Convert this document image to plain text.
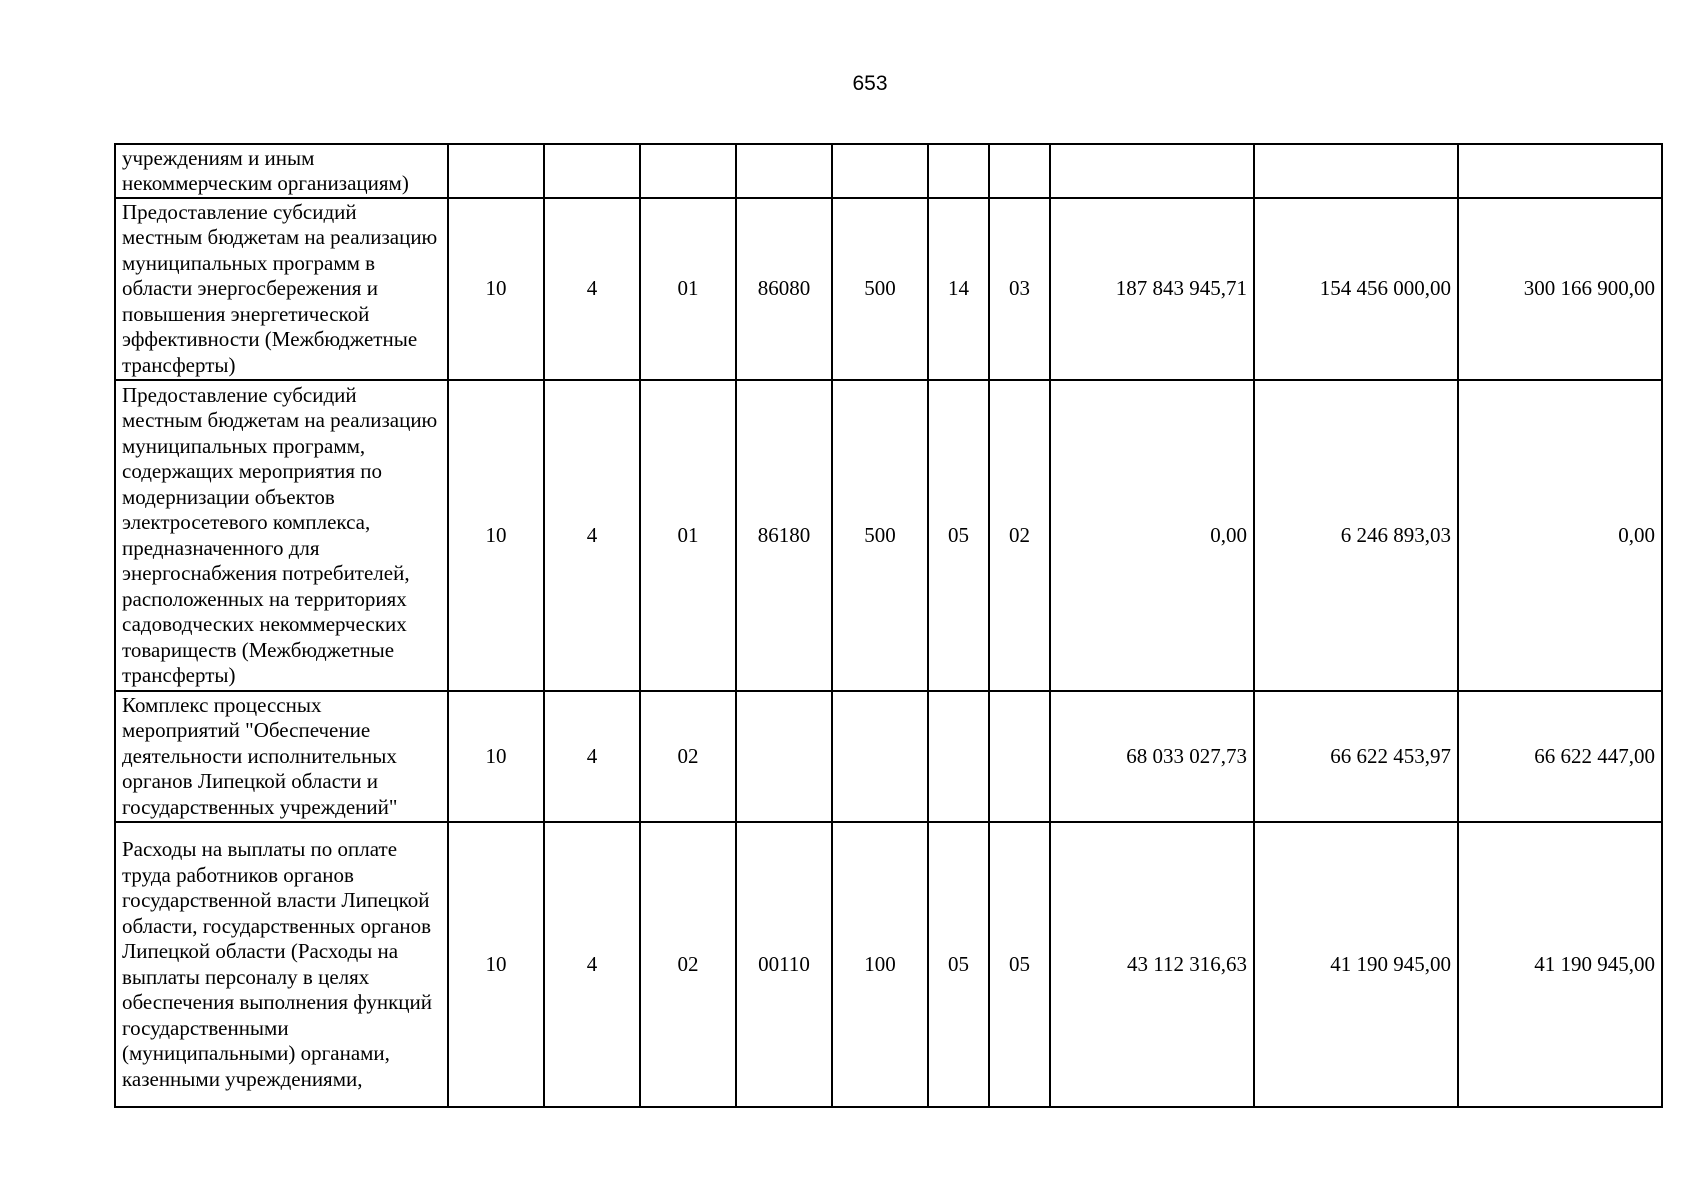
653
учреждениям и иным некоммерческим организациям)										
Предоставление субсидий местным бюджетам на реализацию муниципальных программ в области энергосбережения и повышения энергетической эффективности (Межбюджетные трансферты)	10	4	01	86080	500	14	03	187 843 945,71	154 456 000,00	300 166 900,00
Предоставление субсидий местным бюджетам на реализацию муниципальных программ, содержащих мероприятия по модернизации объектов электросетевого комплекса, предназначенного для энергоснабжения потребителей, расположенных на территориях садоводческих некоммерческих товариществ (Межбюджетные трансферты)	10	4	01	86180	500	05	02	0,00	6 246 893,03	0,00
Комплекс процессных мероприятий "Обеспечение деятельности исполнительных органов Липецкой области и государственных учреждений"	10	4	02					68 033 027,73	66 622 453,97	66 622 447,00
Расходы на выплаты по оплате труда работников органов государственной власти Липецкой области, государственных органов Липецкой области (Расходы на выплаты персоналу в целях обеспечения выполнения функций государственными (муниципальными) органами, казенными учреждениями,	10	4	02	00110	100	05	05	43 112 316,63	41 190 945,00	41 190 945,00
